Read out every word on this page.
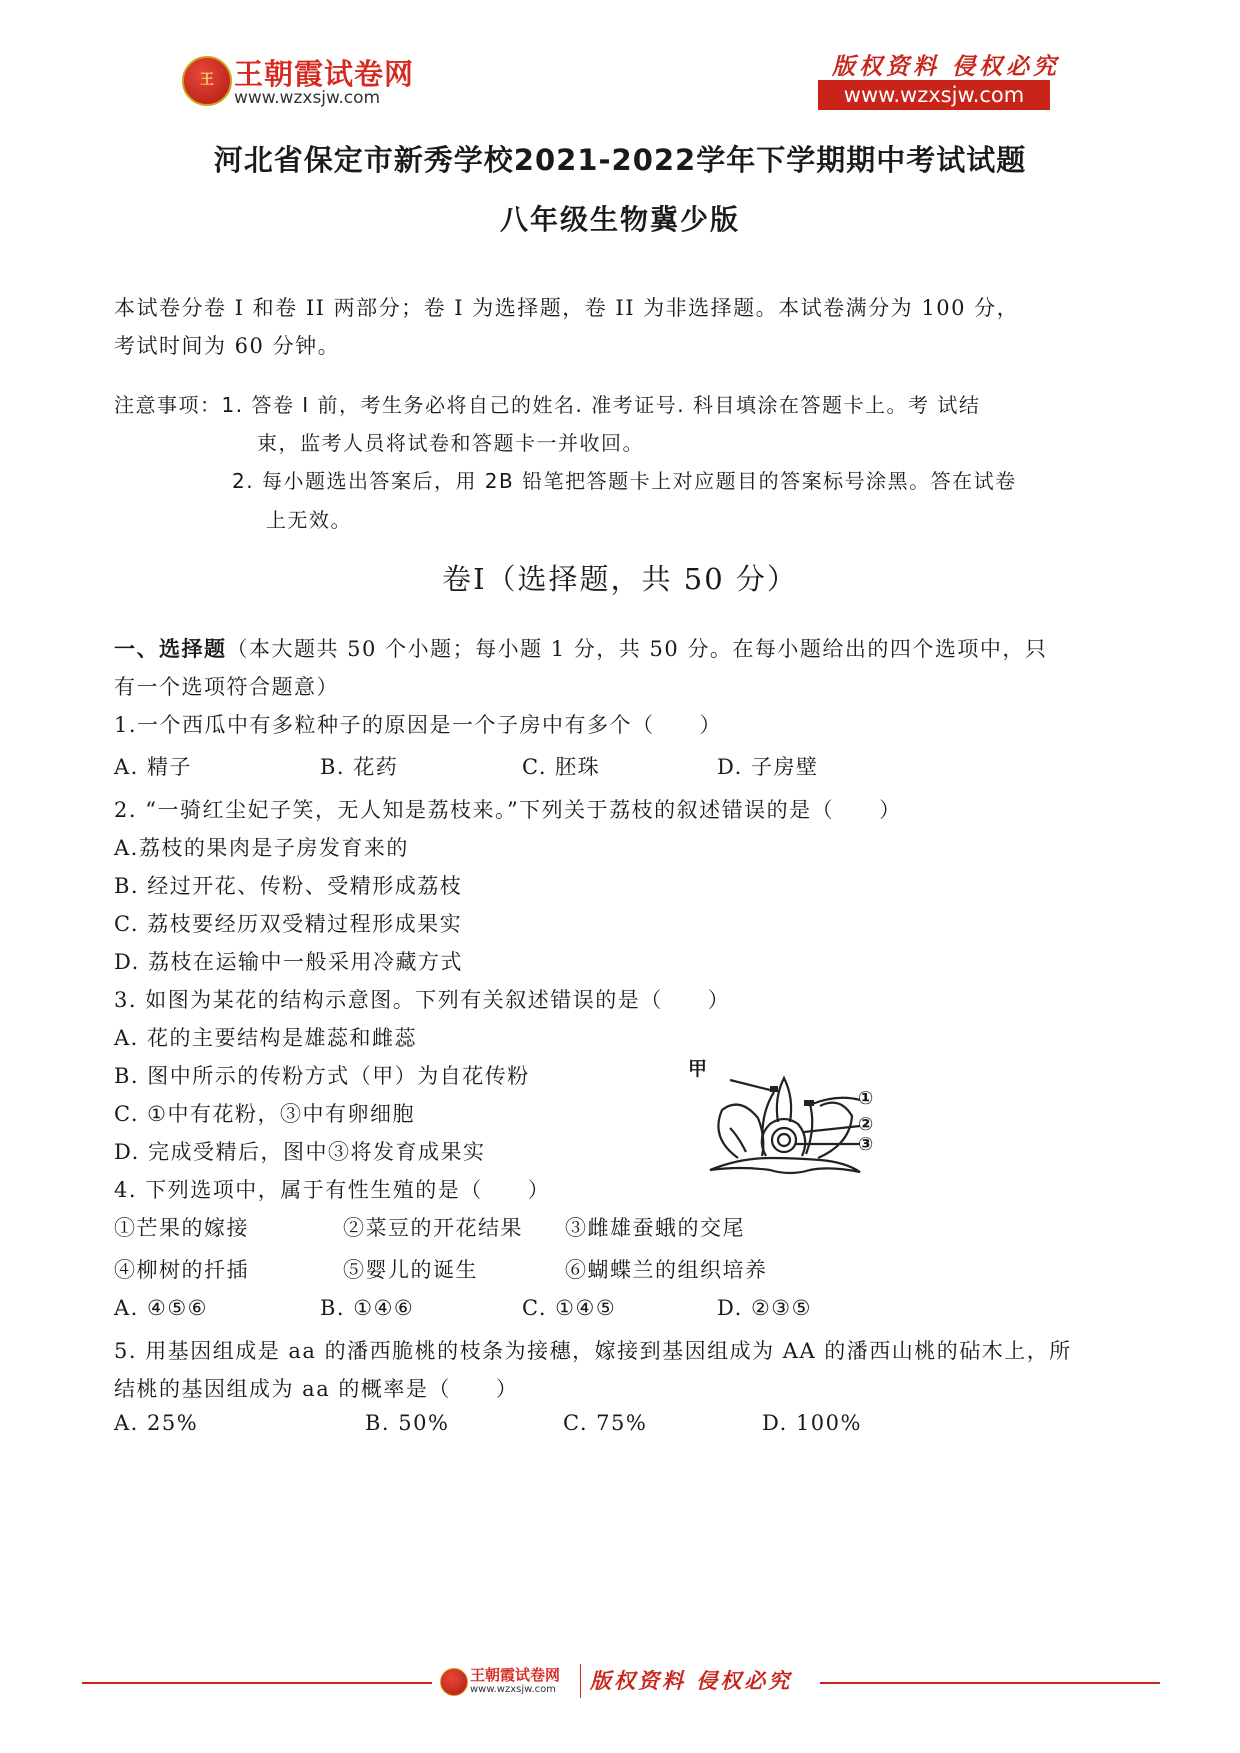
王 王朝霞试卷网
www.wzxsjw.com
版权资料 侵权必究
www.wzxsjw.com
河北省保定市新秀学校2021-2022学年下学期期中考试试题
八年级生物冀少版
本试卷分卷 I 和卷 II 两部分；卷 I 为选择题，卷 II 为非选择题。本试卷满分为 100 分，
考试时间为 60 分钟。
注意事项：1. 答卷 I 前，考生务必将自己的姓名. 准考证号. 科目填涂在答题卡上。考 试结
束，监考人员将试卷和答题卡一并收回。
2. 每小题选出答案后，用 2B 铅笔把答题卡上对应题目的答案标号涂黑。答在试卷
上无效。
卷Ⅰ（选择题，共 50 分）
一、选择题（本大题共 50 个小题；每小题 1 分，共 50 分。在每小题给出的四个选项中，只
有一个选项符合题意）
1.一个西瓜中有多粒种子的原因是一个子房中有多个（　　）
A. 精子	B. 花药	C. 胚珠	D. 子房壁
2. “一骑红尘妃子笑，无人知是荔枝来。”下列关于荔枝的叙述错误的是（　　）
A.荔枝的果肉是子房发育来的
B. 经过开花、传粉、受精形成荔枝
C. 荔枝要经历双受精过程形成果实
D. 荔枝在运输中一般采用冷藏方式
3. 如图为某花的结构示意图。下列有关叙述错误的是（　　）
A. 花的主要结构是雄蕊和雌蕊
B. 图中所示的传粉方式（甲）为自花传粉
C. ①中有花粉，③中有卵细胞
D. 完成受精后，图中③将发育成果实
甲
①
②
③
4. 下列选项中，属于有性生殖的是（　　）
①芒果的嫁接	②菜豆的开花结果 ③雌雄蚕蛾的交尾
④柳树的扦插	⑤婴儿的诞生	⑥蝴蝶兰的组织培养
A. ④⑤⑥	B. ①④⑥	C. ①④⑤	D. ②③⑤
5. 用基因组成是 aa 的潘西脆桃的枝条为接穗，嫁接到基因组成为 AA 的潘西山桃的砧木上，所
结桃的基因组成为 aa 的概率是（　　）
A. 25%	B. 50%	C. 75%	D. 100%
王朝霞试卷网
www.wzxsjw.com 版权资料 侵权必究
